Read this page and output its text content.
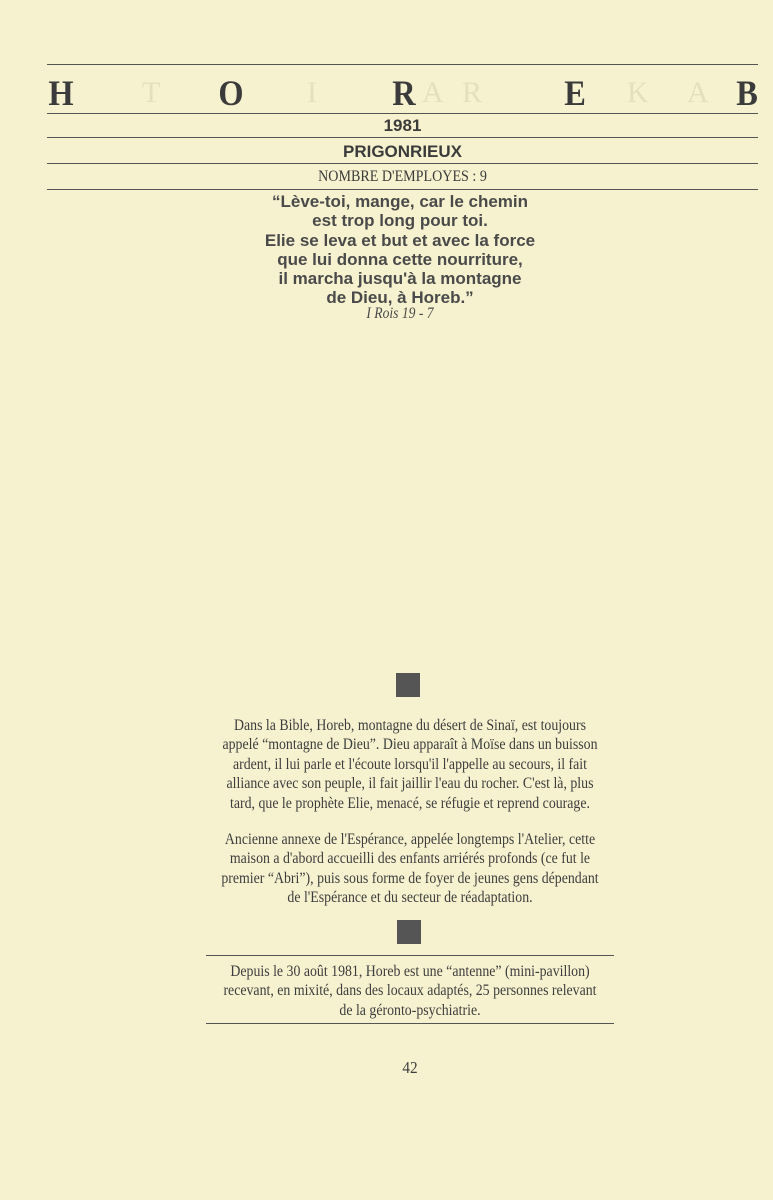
T	I	A R	K A
H	O	R	E	B
1981
PRIGONRIEUX
NOMBRE D'EMPLOYES : 9
“Lève-toi, mange, car le chemin
est trop long pour toi.
Elie se leva et but et avec la force
que lui donna cette nourriture,
il marcha jusqu'à la montagne
de Dieu, à Horeb.”
I Rois 19 - 7
Dans la Bible, Horeb, montagne du désert de Sinaï, est toujours
appelé “montagne de Dieu”. Dieu apparaît à Moïse dans un buisson
ardent, il lui parle et l'écoute lorsqu'il l'appelle au secours, il fait
alliance avec son peuple, il fait jaillir l'eau du rocher. C'est là, plus
tard, que le prophète Elie, menacé, se réfugie et reprend courage.
Ancienne annexe de l'Espérance, appelée longtemps l'Atelier, cette
maison a d'abord accueilli des enfants arriérés profonds (ce fut le
premier “Abri”), puis sous forme de foyer de jeunes gens dépendant
de l'Espérance et du secteur de réadaptation.
Depuis le 30 août 1981, Horeb est une “antenne” (mini-pavillon)
recevant, en mixité, dans des locaux adaptés, 25 personnes relevant
de la géronto-psychiatrie.
42
